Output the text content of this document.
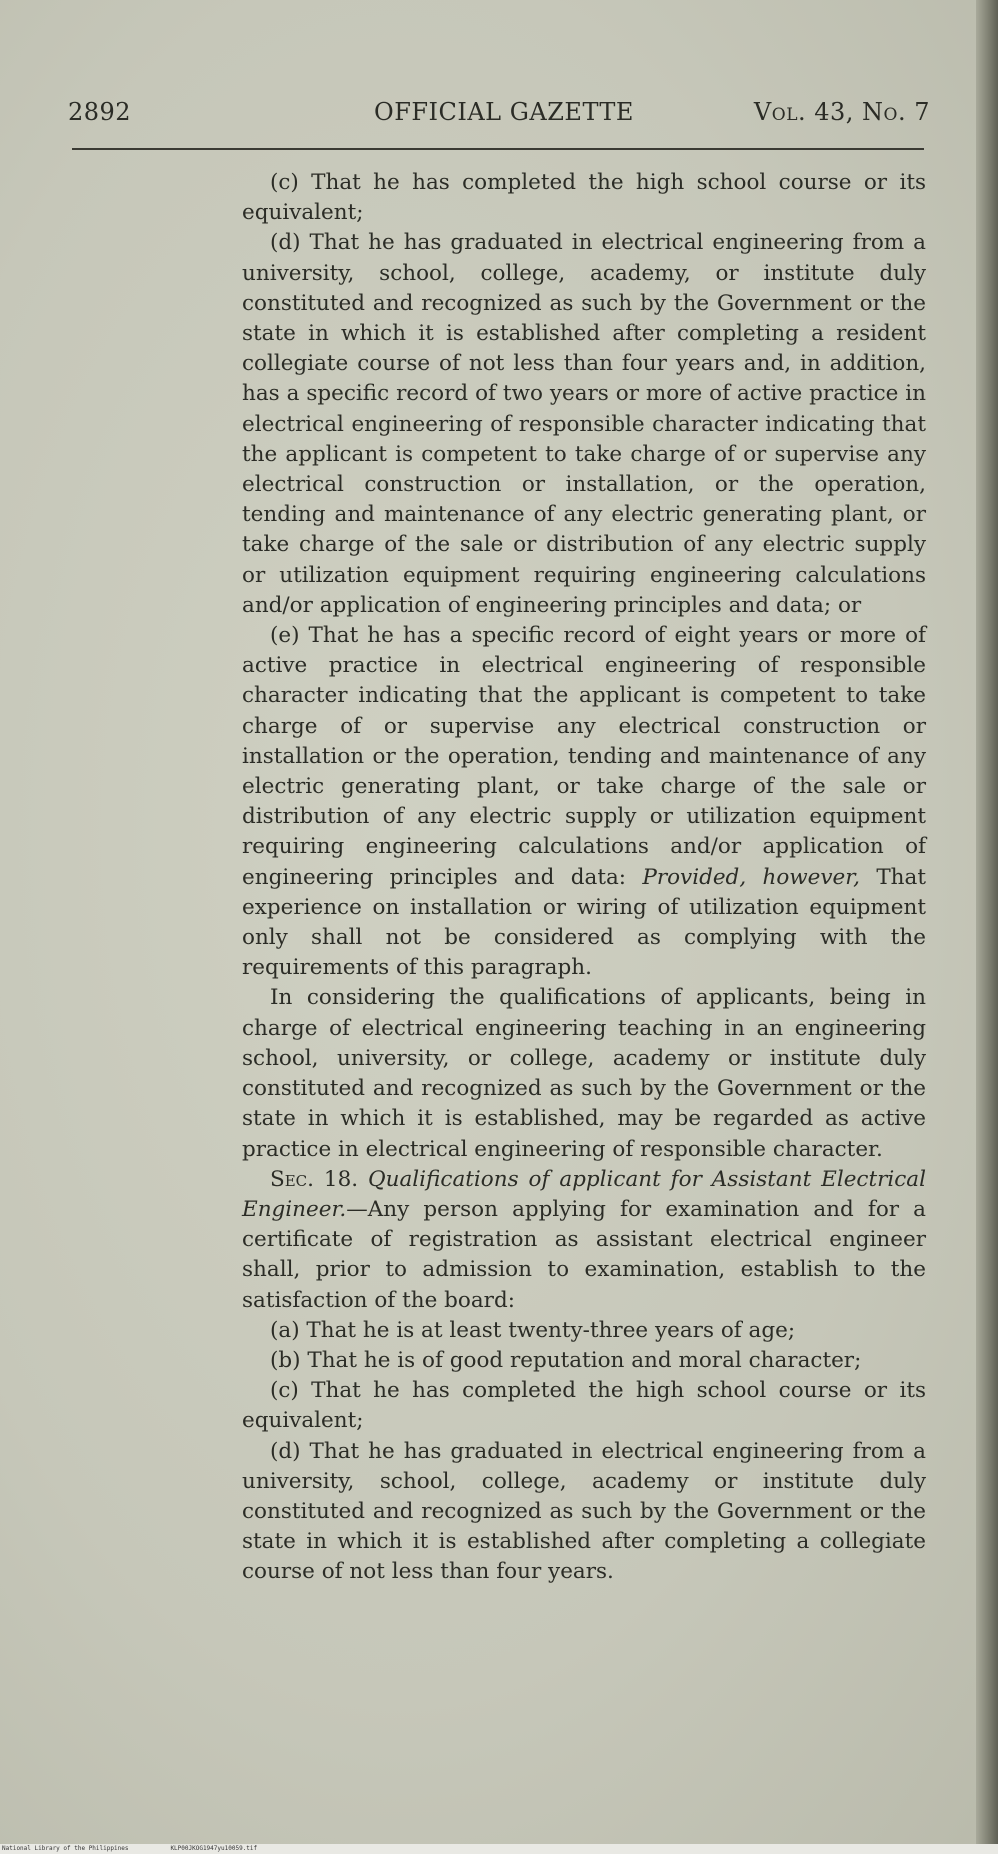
2892	OFFICIAL GAZETTE	Vol. 43, No. 7

(c) That he has completed the high school course or its equivalent;

(d) That he has graduated in electrical engineering from a university, school, college, academy, or institute duly constituted and recognized as such by the Government or the state in which it is established after completing a resident collegiate course of not less than four years and, in addition, has a specific record of two years or more of active practice in electrical engineering of responsible character indicating that the applicant is competent to take charge of or supervise any electrical construction or installation, or the operation, tending and maintenance of any electric generating plant, or take charge of the sale or distribution of any electric supply or utilization equipment requiring engineering calculations and/or application of engineering principles and data; or

(e) That he has a specific record of eight years or more of active practice in electrical engineering of responsible character indicating that the applicant is competent to take charge of or supervise any electrical construction or installation or the operation, tending and maintenance of any electric generating plant, or take charge of the sale or distribution of any electric supply or utilization equipment requiring engineering calculations and/or application of engineering principles and data: Provided, however, That experience on installation or wiring of utilization equipment only shall not be considered as complying with the requirements of this paragraph.

In considering the qualifications of applicants, being in charge of electrical engineering teaching in an engineering school, university, or college, academy or institute duly constituted and recognized as such by the Government or the state in which it is established, may be regarded as active practice in electrical engineering of responsible character.

Sec. 18. Qualifications of applicant for Assistant Electrical Engineer.—Any person applying for examination and for a certificate of registration as assistant electrical engineer shall, prior to admission to examination, establish to the satisfaction of the board:

(a) That he is at least twenty-three years of age;

(b) That he is of good reputation and moral character;

(c) That he has completed the high school course or its equivalent;

(d) That he has graduated in electrical engineering from a university, school, college, academy or institute duly constituted and recognized as such by the Government or the state in which it is established after completing a collegiate course of not less than four years.

National Library of the Philippines	KLP00JKOG1947yu10059.tif
